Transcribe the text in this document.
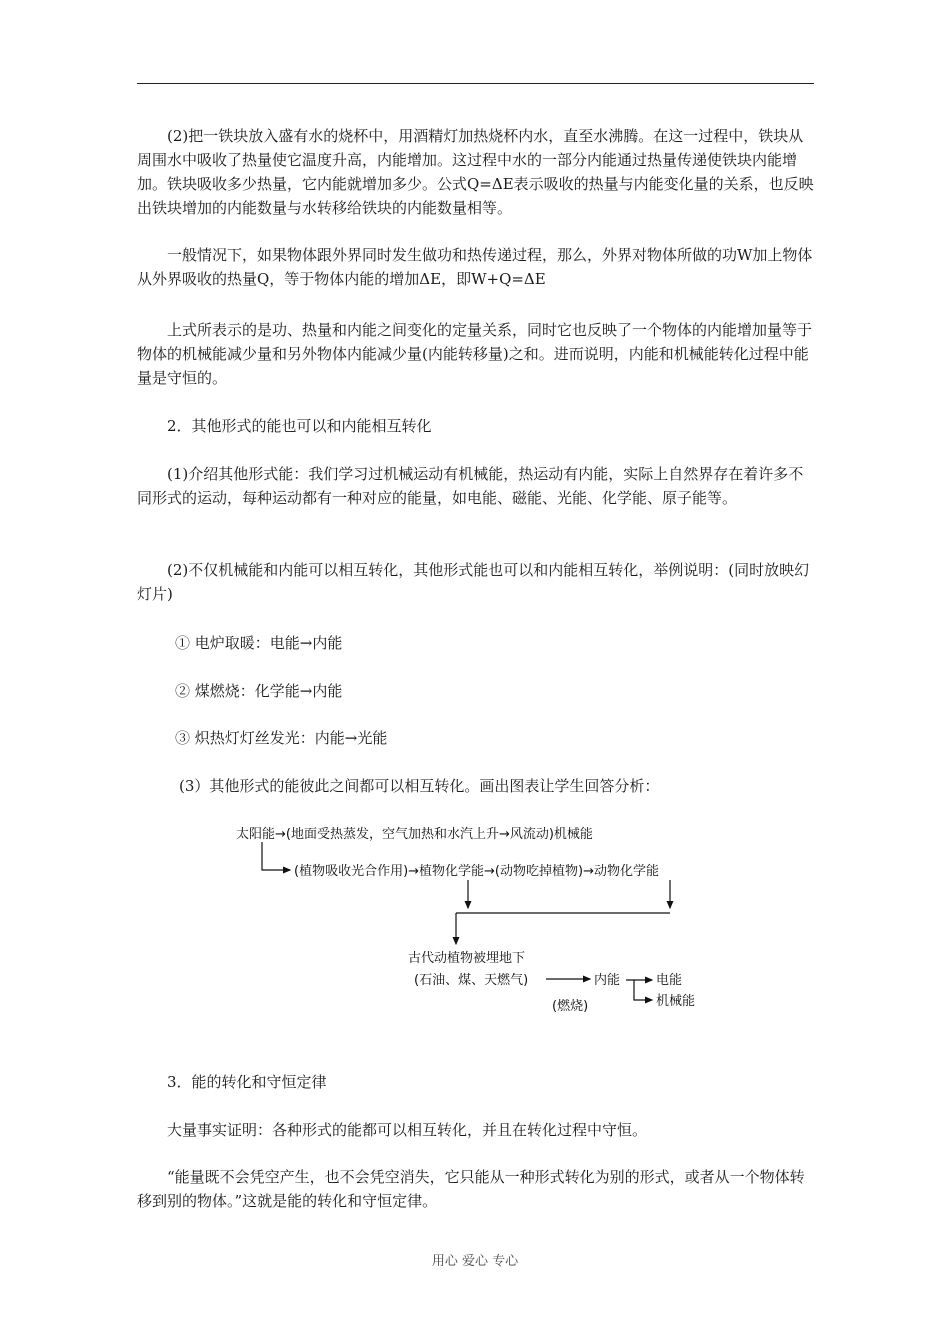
(2)把一铁块放入盛有水的烧杯中，用酒精灯加热烧杯内水，直至水沸腾。在这一过程中，铁块从周围水中吸收了热量使它温度升高，内能增加。这过程中水的一部分内能通过热量传递使铁块内能增加。铁块吸收多少热量，它内能就增加多少。公式Q=ΔE表示吸收的热量与内能变化量的关系，也反映出铁块增加的内能数量与水转移给铁块的内能数量相等。

一般情况下，如果物体跟外界同时发生做功和热传递过程，那么，外界对物体所做的功W加上物体从外界吸收的热量Q，等于物体内能的增加ΔE，即W+Q=ΔE

上式所表示的是功、热量和内能之间变化的定量关系，同时它也反映了一个物体的内能增加量等于物体的机械能减少量和另外物体内能减少量(内能转移量)之和。进而说明，内能和机械能转化过程中能量是守恒的。

2．其他形式的能也可以和内能相互转化

(1)介绍其他形式能：我们学习过机械运动有机械能，热运动有内能，实际上自然界存在着许多不同形式的运动，每种运动都有一种对应的能量，如电能、磁能、光能、化学能、原子能等。

(2)不仅机械能和内能可以相互转化，其他形式能也可以和内能相互转化，举例说明：(同时放映幻灯片)

① 电炉取暖：电能→内能

② 煤燃烧：化学能→内能

③ 炽热灯灯丝发光：内能→光能

(3）其他形式的能彼此之间都可以相互转化。画出图表让学生回答分析：

太阳能→(地面受热蒸发，空气加热和水汽上升→风流动)机械能
(植物吸收光合作用)→植物化学能→(动物吃掉植物)→动物化学能
古代动植物被埋地下
(石油、煤、天燃气)	内能
(燃烧)
电能
机械能

3．能的转化和守恒定律

大量事实证明：各种形式的能都可以相互转化，并且在转化过程中守恒。

“能量既不会凭空产生，也不会凭空消失，它只能从一种形式转化为别的形式，或者从一个物体转移到别的物体。”这就是能的转化和守恒定律。

用心 爱心 专心
